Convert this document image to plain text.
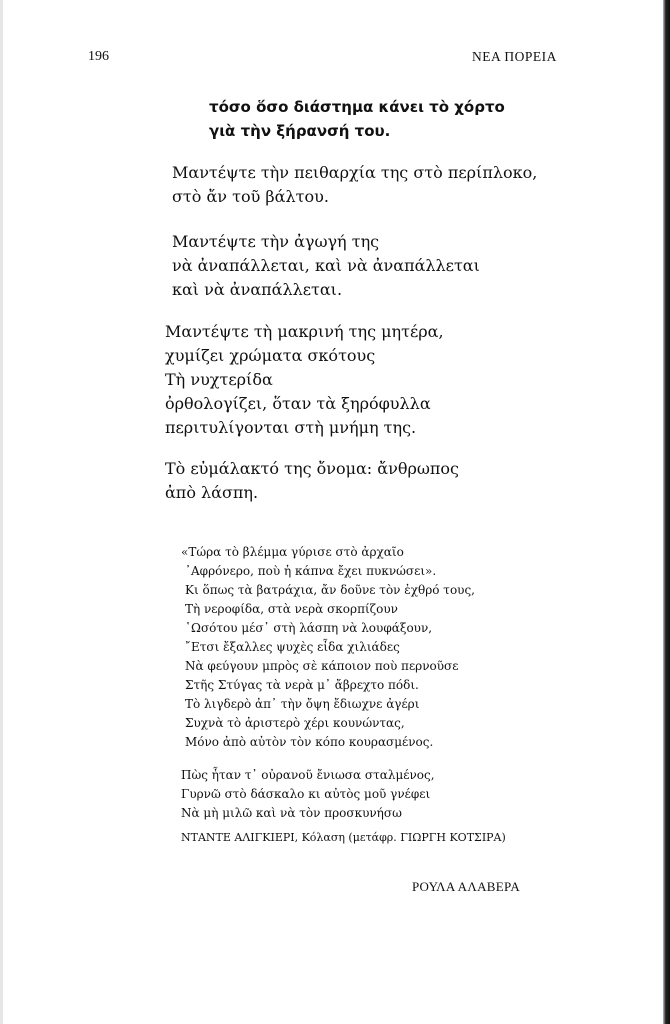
196	ΝΕΑ ΠΟΡΕΙΑ

τόσο ὅσο διάστημα κάνει τὸ χόρτο
γιὰ τὴν ξήρανσή του.
Μαντέψτε τὴν πειθαρχία της στὸ περίπλοκο,
στὸ ἄν τοῦ βάλτου.
Μαντέψτε τὴν ἀγωγή της
νὰ ἀναπάλλεται, καὶ νὰ ἀναπάλλεται
καὶ νὰ ἀναπάλλεται.
Μαντέψτε τὴ μακρινή της μητέρα,
χυμίζει χρώματα σκότους
Τὴ νυχτερίδα
ὀρθολογίζει, ὅταν τὰ ξηρόφυλλα
περιτυλίγονται στὴ μνήμη της.
Τὸ εὐμάλακτό της ὄνομα: ἄνθρωπος
ἀπὸ λάσπη.
«Τώρα τὸ βλέμμα γύρισε στὸ ἀρχαῖο
᾿Αφρόνερο, ποὺ ἡ κάπνα ἔχει πυκνώσει».
Κι ὅπως τὰ βατράχια, ἄν δοῦνε τὸν ἐχθρό τους,
Τὴ νεροφίδα, στὰ νερὰ σκορπίζουν
῾Ωσότου μέσ᾽ στὴ λάσπη νὰ λουφάξουν,
῎Ετσι ἔξαλλες ψυχὲς εἶδα χιλιάδες
Νὰ φεύγουν μπρὸς σὲ κάποιον ποὺ περνοῦσε
Στῆς Στύγας τὰ νερὰ μ᾽ ἄβρεχτο πόδι.
Τὸ λιγδερὸ ἀπ᾽ τὴν ὄψη ἔδιωχνε ἀγέρι
Συχνὰ τὸ ἀριστερὸ χέρι κουνώντας,
Μόνο ἀπὸ αὐτὸν τὸν κόπο κουρασμένος.
Πὼς ἦταν τ᾽ οὐρανοῦ ἔνιωσα σταλμένος,
Γυρνῶ στὸ δάσκαλο κι αὐτὸς μοῦ γνέφει
Νὰ μὴ μιλῶ καὶ νὰ τὸν προσκυνήσω

ΝΤΑΝΤΕ ΑΛΙΓΚΙΕΡΙ, Κόλαση (μετάφρ. ΓΙΩΡΓΗ ΚΟΤΣΙΡΑ)

ΡΟΥΛΑ ΑΛΑΒΕΡΑ
